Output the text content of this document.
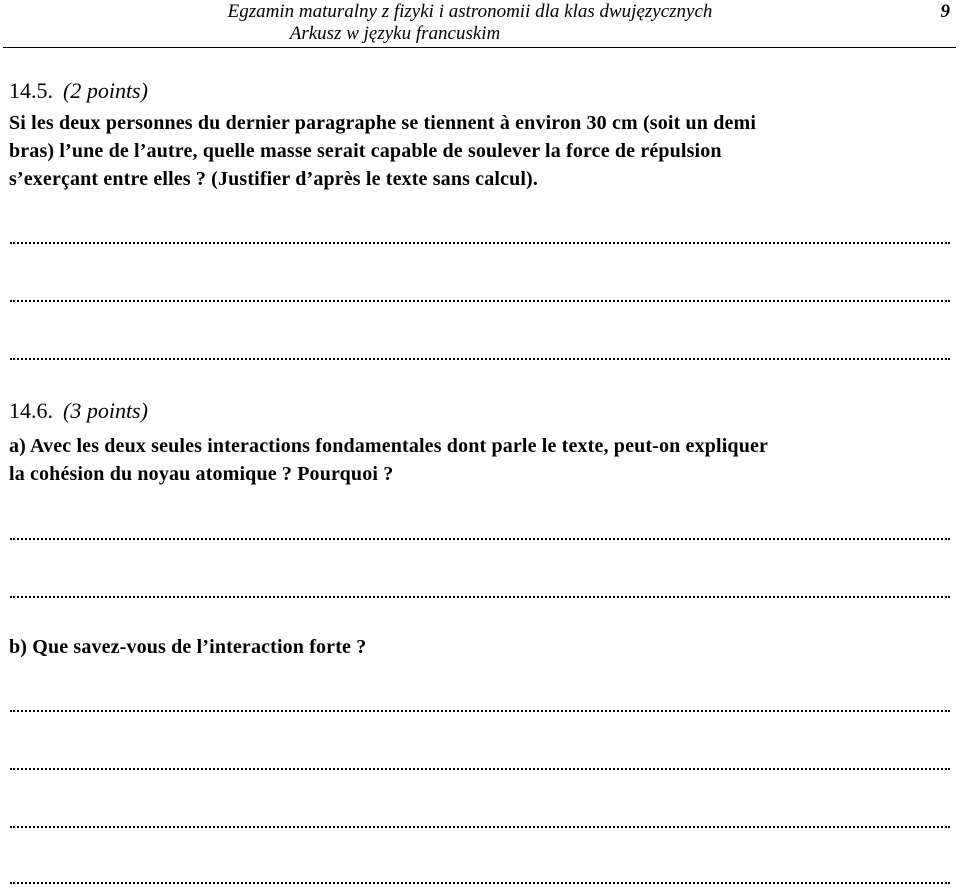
Egzamin maturalny z fizyki i astronomii dla klas dwujęzycznych
Arkusz w języku francuskim
9
14.5. (2 points)
Si les deux personnes du dernier paragraphe se tiennent à environ 30 cm (soit un demi
bras) l’une de l’autre, quelle masse serait capable de soulever la force de répulsion
s’exerçant entre elles ? (Justifier d’après le texte sans calcul).
14.6. (3 points)
a) Avec les deux seules interactions fondamentales dont parle le texte, peut-on expliquer
la cohésion du noyau atomique ? Pourquoi ?
b) Que savez-vous de l’interaction forte ?
